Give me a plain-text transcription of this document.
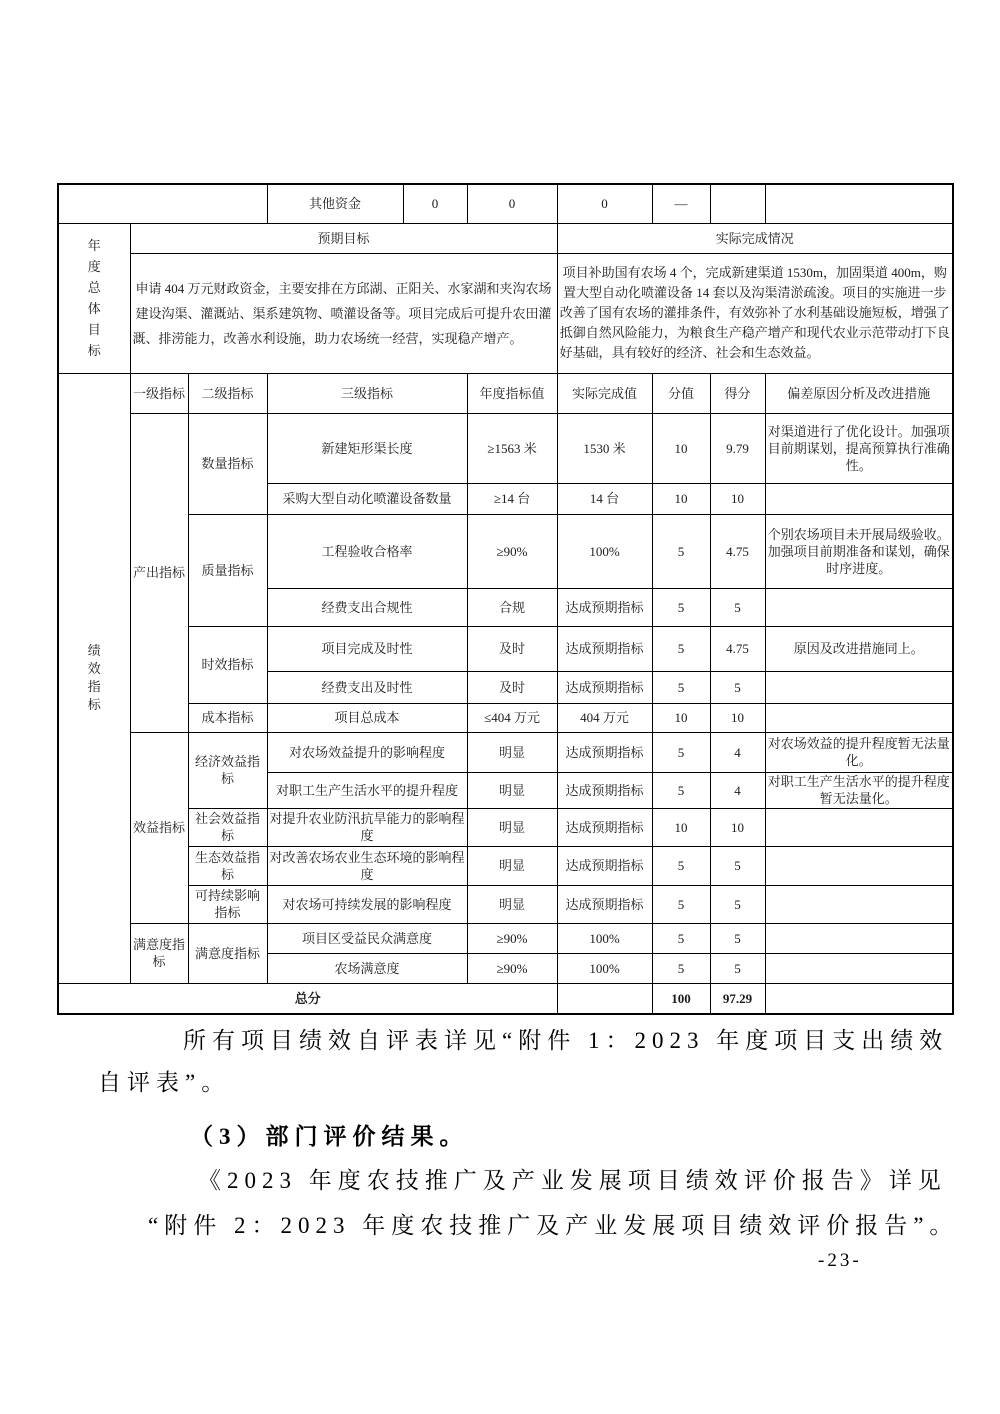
			其他资金	0	0	0	—		
年度总体目标	预期目标					实际完成情况			
	申请 404 万元财政资金，主要安排在方邱湖、正阳关、水家湖和夹沟农场建设沟渠、灌溉站、渠系建筑物、喷灌设备等。项目完成后可提升农田灌溉、排涝能力，改善水利设施，助力农场统一经营，实现稳产增产。					项目补助国有农场 4 个，完成新建渠道 1530m，加固渠道 400m，购置大型自动化喷灌设备 14 套以及沟渠清淤疏浚。项目的实施进一步改善了国有农场的灌排条件，有效弥补了水利基础设施短板，增强了抵御自然风险能力，为粮食生产稳产增产和现代农业示范带动打下良好基础，具有较好的经济、社会和生态效益。			
绩效指标	一级指标	二级指标	三级指标		年度指标值	实际完成值	分值	得分	偏差原因分析及改进措施
	产出指标	数量指标	新建矩形渠长度		≥1563 米	1530 米	10	9.79	对渠道进行了优化设计。加强项目前期谋划，提高预算执行准确性。
			采购大型自动化喷灌设备数量		≥14 台	14 台	10	10	
		质量指标	工程验收合格率		≥90%	100%	5	4.75	个别农场项目未开展局级验收。加强项目前期准备和谋划，确保时序进度。
			经费支出合规性		合规	达成预期指标	5	5	
		时效指标	项目完成及时性		及时	达成预期指标	5	4.75	原因及改进措施同上。
			经费支出及时性		及时	达成预期指标	5	5	
		成本指标	项目总成本		≤404 万元	404 万元	10	10	
	效益指标	经济效益指标	对农场效益提升的影响程度		明显	达成预期指标	5	4	对农场效益的提升程度暂无法量化。
			对职工生产生活水平的提升程度		明显	达成预期指标	5	4	对职工生产生活水平的提升程度暂无法量化。
		社会效益指标	对提升农业防汛抗旱能力的影响程度		明显	达成预期指标	10	10	
		生态效益指标	对改善农场农业生态环境的影响程度		明显	达成预期指标	5	5	
		可持续影响指标	对农场可持续发展的影响程度		明显	达成预期指标	5	5	
	满意度指标	满意度指标	项目区受益民众满意度		≥90%	100%	5	5	
			农场满意度		≥90%	100%	5	5	
总分							100	97.29	
所有项目绩效自评表详见“附件 1：2023 年度项目支出绩效
自评表”。
（3）部门评价结果。
《2023 年度农技推广及产业发展项目绩效评价报告》详见
“附件 2：2023 年度农技推广及产业发展项目绩效评价报告”。
-23-
